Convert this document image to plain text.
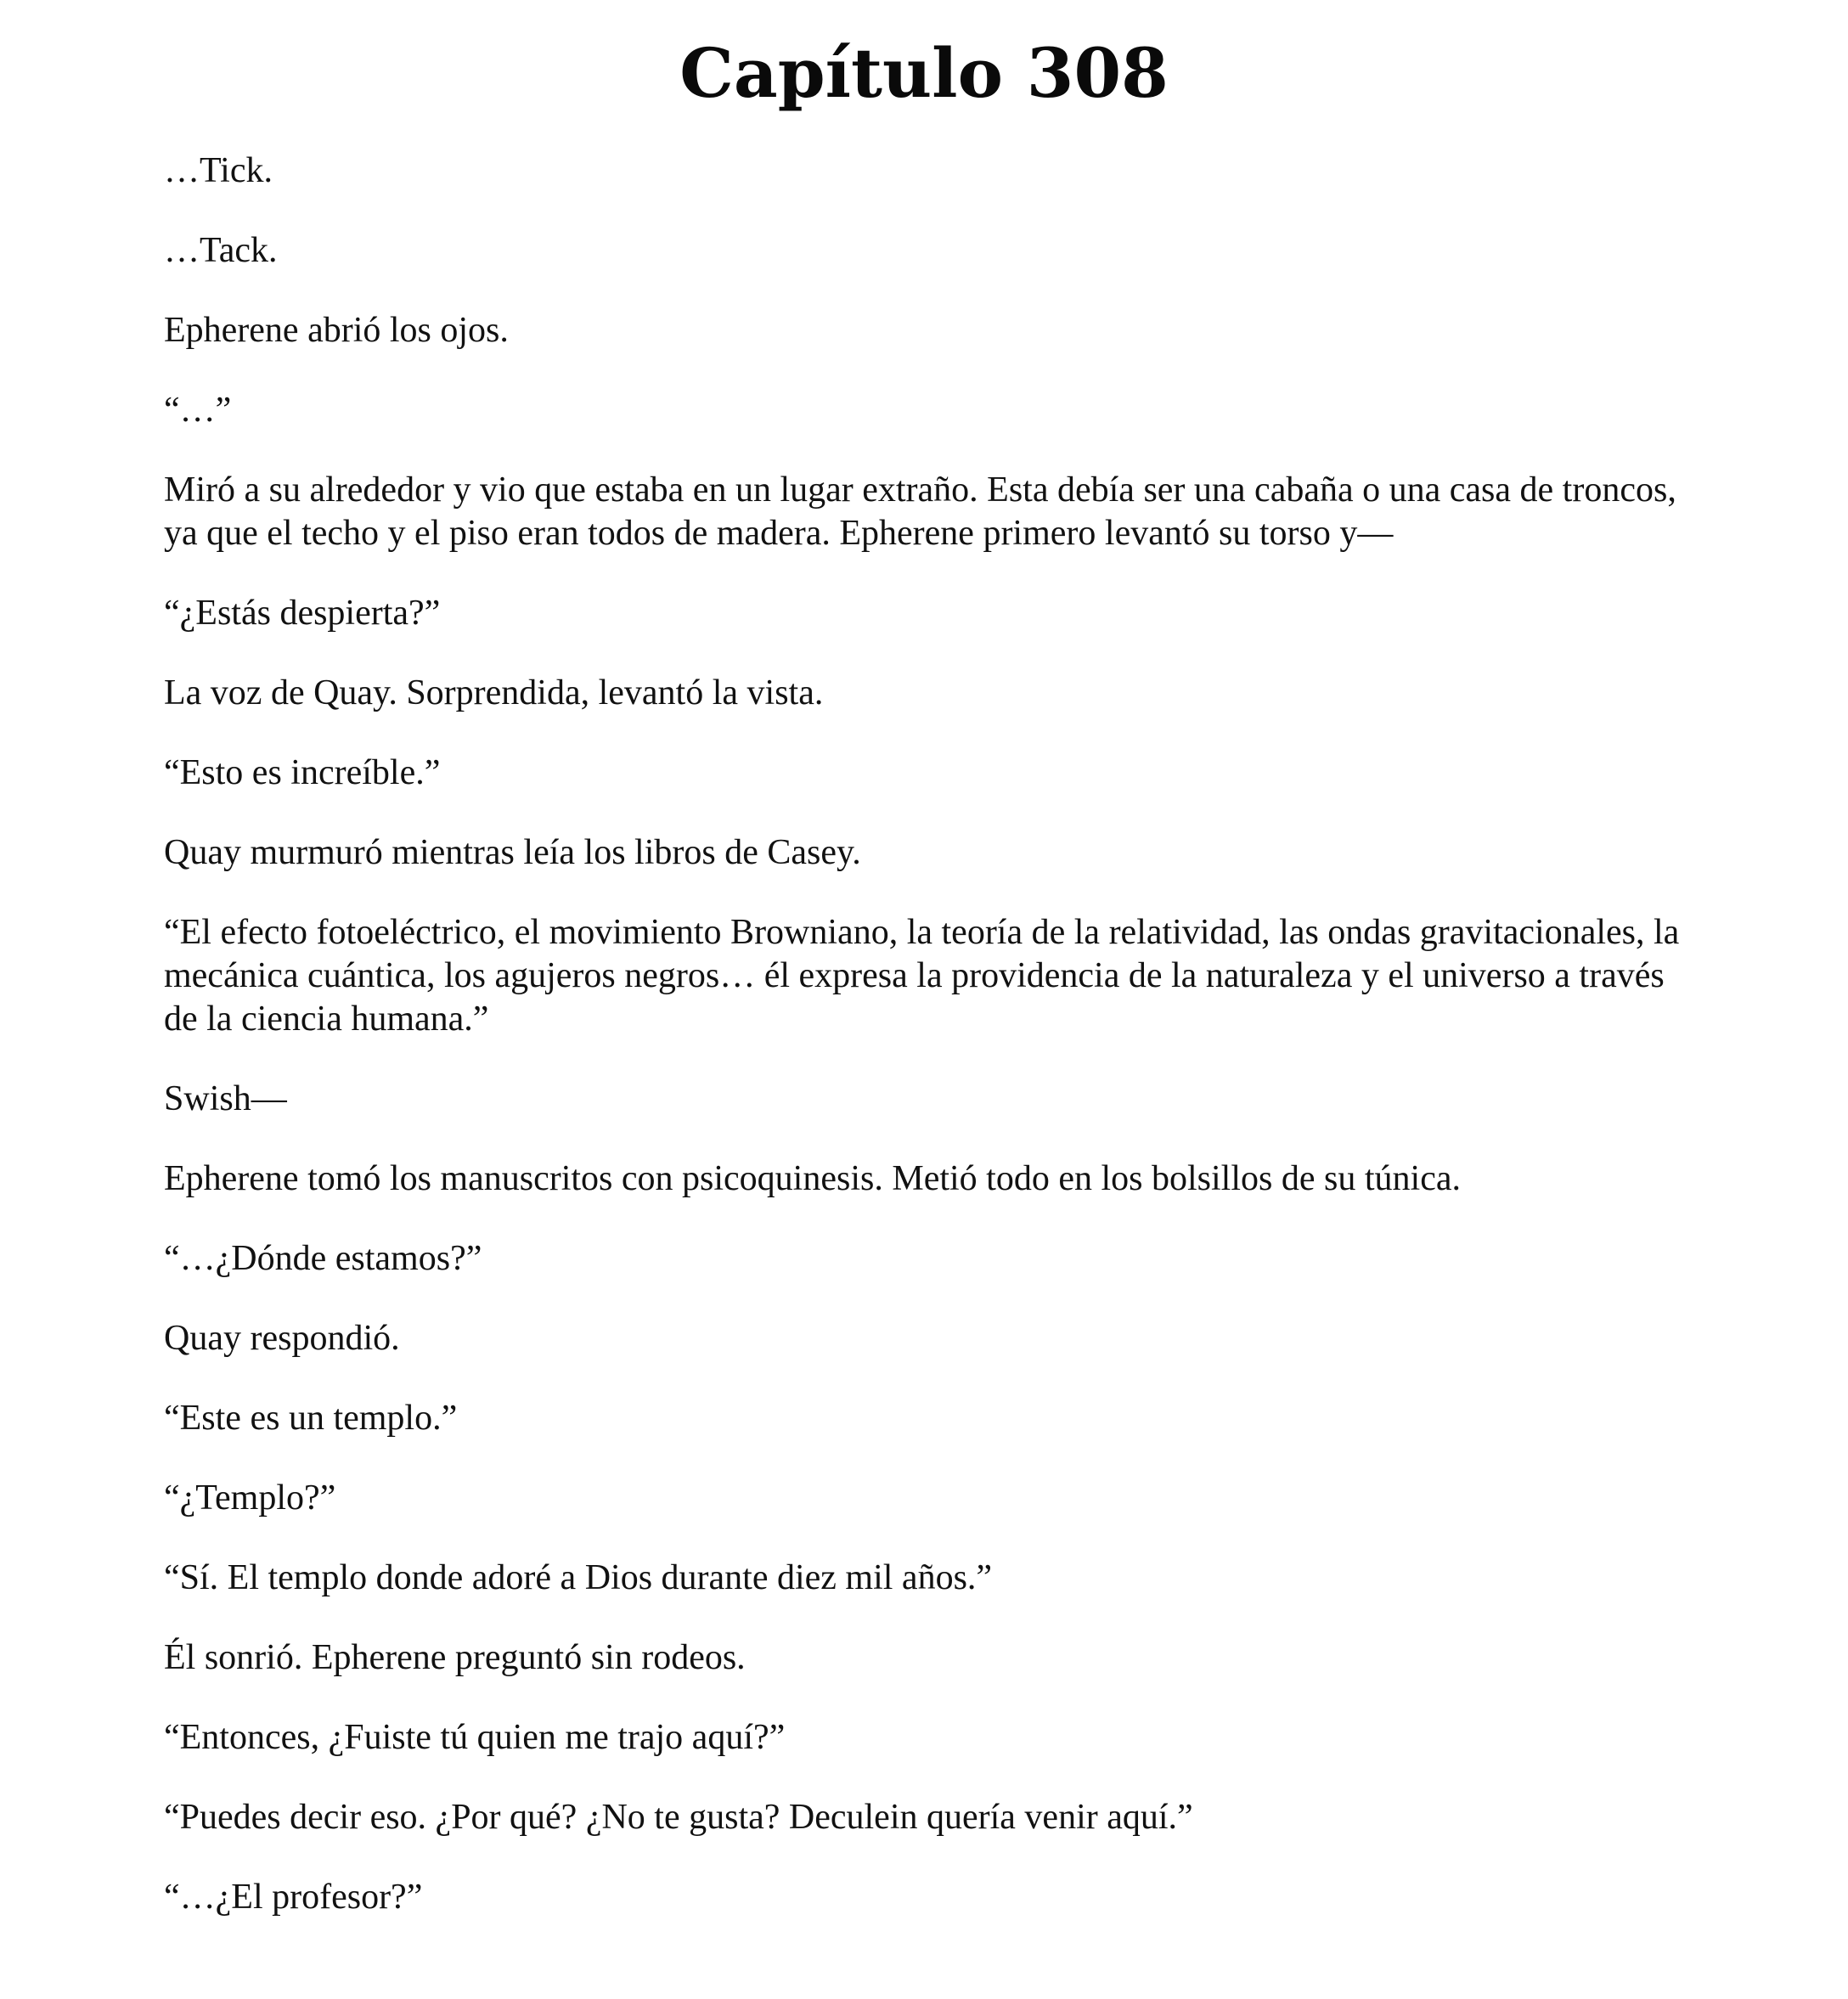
Capítulo 308

…Tick.

…Tack.

Epherene abrió los ojos.

“…”

Miró a su alrededor y vio que estaba en un lugar extraño. Esta debía ser una cabaña o una casa de troncos, ya que el techo y el piso eran todos de madera. Epherene primero levantó su torso y—

“¿Estás despierta?”

La voz de Quay. Sorprendida, levantó la vista.

“Esto es increíble.”

Quay murmuró mientras leía los libros de Casey.

“El efecto fotoeléctrico, el movimiento Browniano, la teoría de la relatividad, las ondas gravitacionales, la mecánica cuántica, los agujeros negros… él expresa la providencia de la naturaleza y el universo a través de la ciencia humana.”

Swish—

Epherene tomó los manuscritos con psicoquinesis. Metió todo en los bolsillos de su túnica.

“…¿Dónde estamos?”

Quay respondió.

“Este es un templo.”

“¿Templo?”

“Sí. El templo donde adoré a Dios durante diez mil años.”

Él sonrió. Epherene preguntó sin rodeos.

“Entonces, ¿Fuiste tú quien me trajo aquí?”

“Puedes decir eso. ¿Por qué? ¿No te gusta? Deculein quería venir aquí.”

“…¿El profesor?”
